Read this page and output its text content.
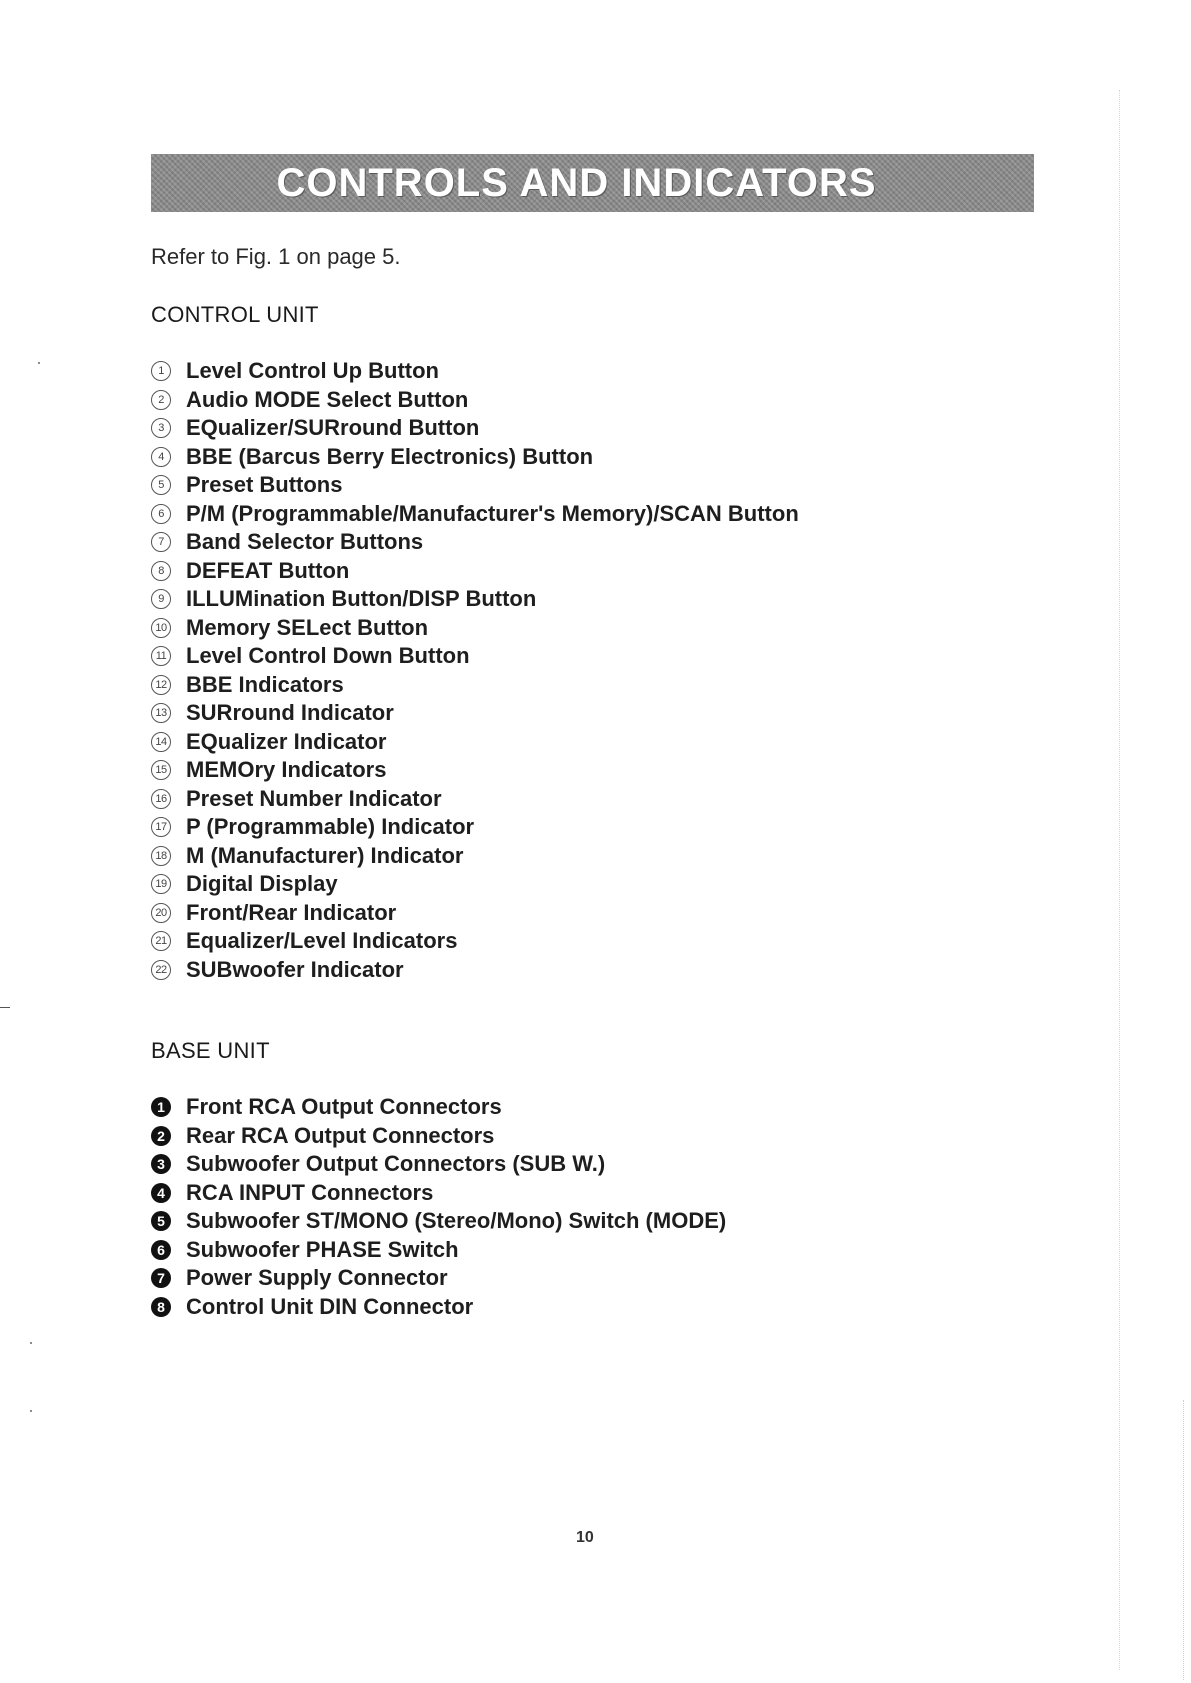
CONTROLS AND INDICATORS
Refer to Fig. 1 on page 5.
CONTROL UNIT
1	Level Control Up Button
2	Audio MODE Select Button
3	EQualizer/SURround Button
4	BBE (Barcus Berry Electronics) Button
5	Preset Buttons
6	P/M (Programmable/Manufacturer's Memory)/SCAN Button
7	Band Selector Buttons
8	DEFEAT Button
9	ILLUMination Button/DISP Button
10 Memory SELect Button
11 Level Control Down Button
12 BBE Indicators
13 SURround Indicator
14 EQualizer Indicator
15 MEMOry Indicators
16 Preset Number Indicator
17 P (Programmable) Indicator
18 M (Manufacturer) Indicator
19 Digital Display
20 Front/Rear Indicator
21 Equalizer/Level Indicators
22 SUBwoofer Indicator
BASE UNIT
1 Front RCA Output Connectors
2 Rear RCA Output Connectors
3 Subwoofer Output Connectors (SUB W.)
4 RCA INPUT Connectors
5 Subwoofer ST/MONO (Stereo/Mono) Switch (MODE)
6 Subwoofer PHASE Switch
7 Power Supply Connector
8 Control Unit DIN Connector
10
